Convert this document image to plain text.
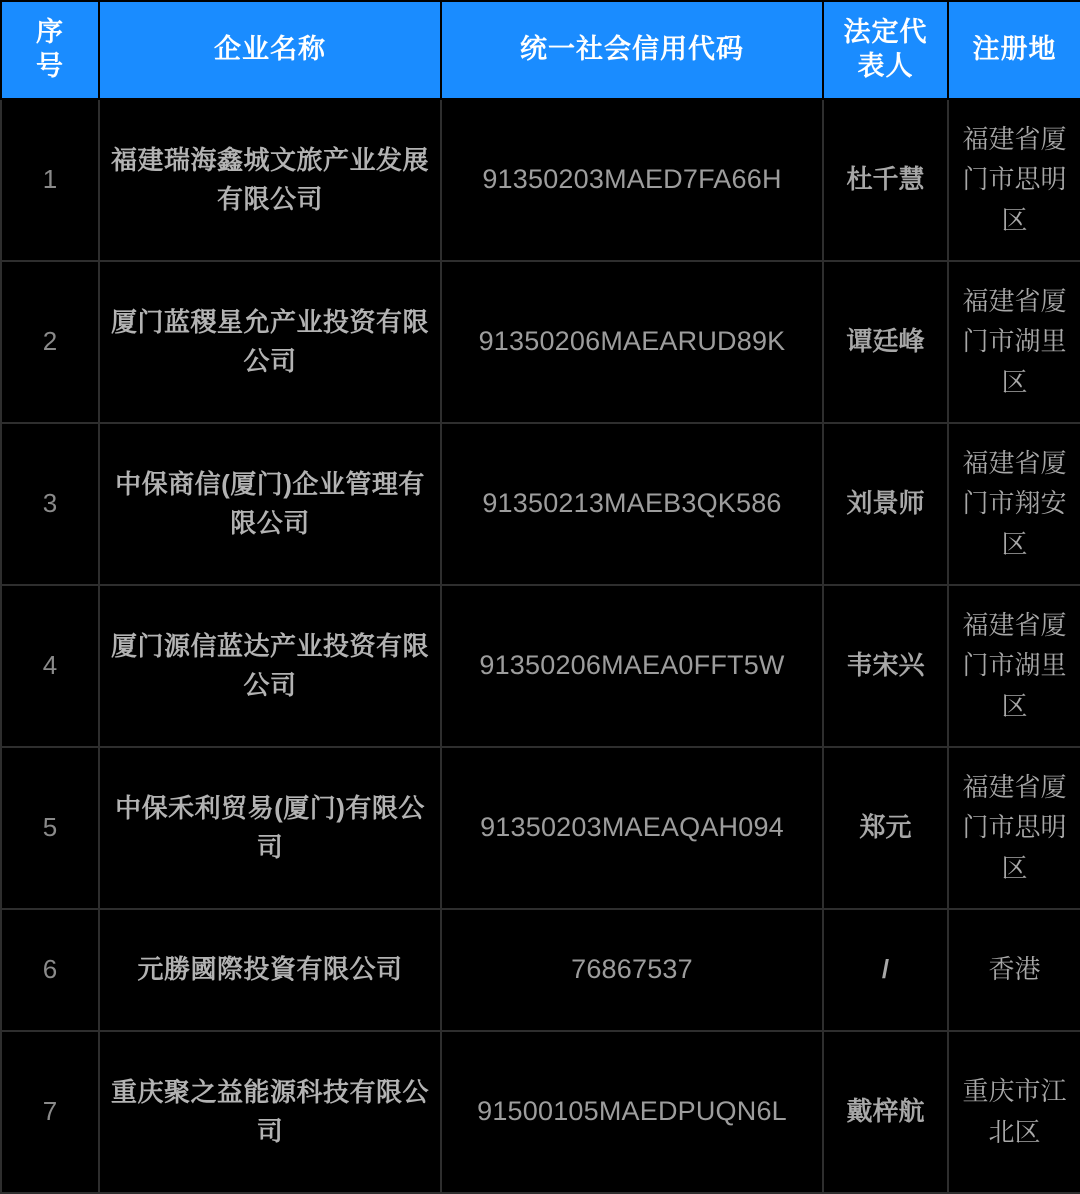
序号	企业名称	统一社会信用代码	法定代表人	注册地
1	福建瑞海鑫城文旅产业发展有限公司	91350203MAED7FA66H	杜千慧	福建省厦门市思明区
2	厦门蓝稷星允产业投资有限公司	91350206MAEARUD89K	谭廷峰	福建省厦门市湖里区
3	中保商信(厦门)企业管理有限公司	91350213MAEB3QK586	刘景师	福建省厦门市翔安区
4	厦门源信蓝达产业投资有限公司	91350206MAEA0FFT5W	韦宋兴	福建省厦门市湖里区
5	中保禾利贸易(厦门)有限公司	91350203MAEAQAH094	郑元	福建省厦门市思明区
6	元勝國際投資有限公司	76867537	/	香港
7	重庆聚之益能源科技有限公司	91500105MAEDPUQN6L	戴梓航	重庆市江北区
